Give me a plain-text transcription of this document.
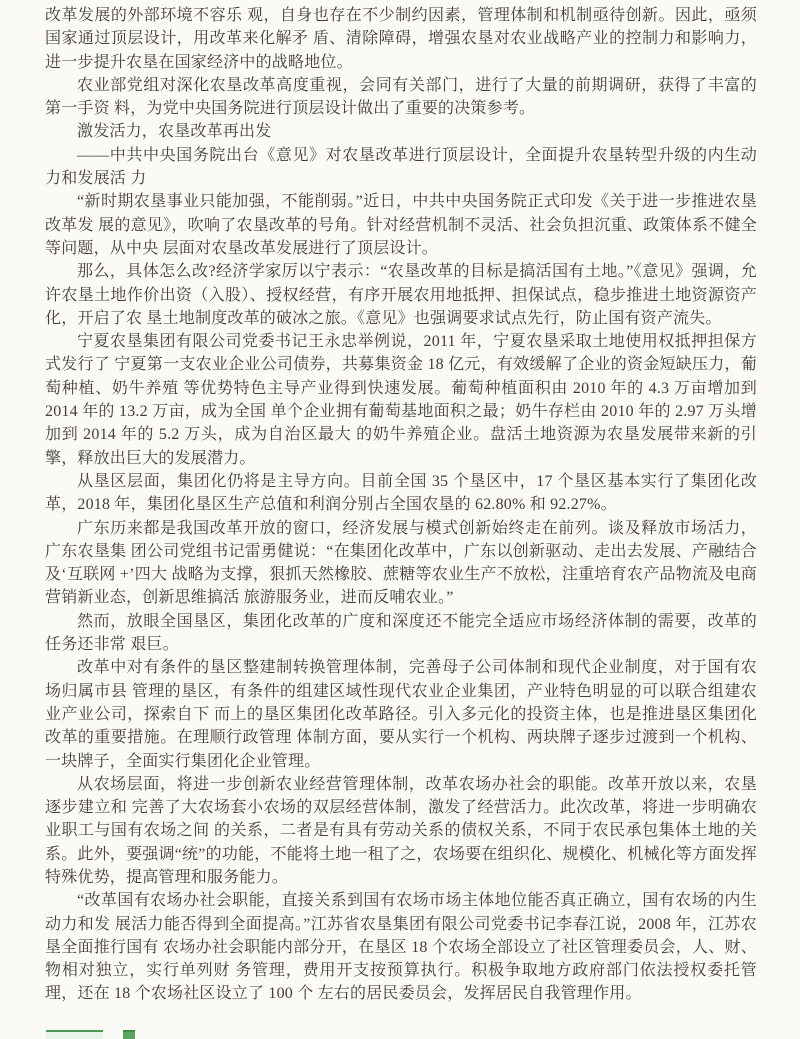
改革发展的外部环境不容乐 观，自身也存在不少制约因素，管理体制和机制亟待创新。因此，亟须国家通过顶层设计，用改革来化解矛 盾、清除障碍，增强农垦对农业战略产业的控制力和影响力，进一步提升农垦在国家经济中的战略地位。

农业部党组对深化农垦改革高度重视，会同有关部门，进行了大量的前期调研，获得了丰富的第一手资 料，为党中央国务院进行顶层设计做出了重要的决策参考。

激发活力，农垦改革再出发

——中共中央国务院出台《意见》对农垦改革进行顶层设计，全面提升农垦转型升级的内生动力和发展活 力

“新时期农垦事业只能加强，不能削弱。”近日，中共中央国务院正式印发《关于进一步推进农垦改革发 展的意见》，吹响了农垦改革的号角。针对经营机制不灵活、社会负担沉重、政策体系不健全等问题，从中央 层面对农垦改革发展进行了顶层设计。

那么，具体怎么改?经济学家厉以宁表示：“农垦改革的目标是搞活国有土地。”《意见》强调，允许农垦土地作价出资（入股）、授权经营，有序开展农用地抵押、担保试点，稳步推进土地资源资产化，开启了农 垦土地制度改革的破冰之旅。《意见》也强调要求试点先行，防止国有资产流失。

宁夏农垦集团有限公司党委书记王永忠举例说，2011 年，宁夏农垦采取土地使用权抵押担保方式发行了 宁夏第一支农业企业公司债券，共募集资金 18 亿元，有效缓解了企业的资金短缺压力，葡萄种植、奶牛养殖 等优势特色主导产业得到快速发展。葡萄种植面积由 2010 年的 4.3 万亩增加到 2014 年的 13.2 万亩，成为全国 单个企业拥有葡萄基地面积之最；奶牛存栏由 2010 年的 2.97 万头增加到 2014 年的 5.2 万头，成为自治区最大 的奶牛养殖企业。盘活土地资源为农垦发展带来新的引擎，释放出巨大的发展潜力。

从垦区层面，集团化仍将是主导方向。目前全国 35 个垦区中，17 个垦区基本实行了集团化改革，2018 年，集团化垦区生产总值和利润分别占全国农垦的 62.80% 和 92.27%。

广东历来都是我国改革开放的窗口，经济发展与模式创新始终走在前列。谈及释放市场活力，广东农垦集 团公司党组书记雷勇健说：“在集团化改革中，广东以创新驱动、走出去发展、产融结合及‘互联网 +’四大 战略为支撑，狠抓天然橡胶、蔗糖等农业生产不放松，注重培育农产品物流及电商营销新业态，创新思维搞活 旅游服务业，进而反哺农业。”

然而，放眼全国垦区，集团化改革的广度和深度还不能完全适应市场经济体制的需要，改革的任务还非常 艰巨。

改革中对有条件的垦区整建制转换管理体制，完善母子公司体制和现代企业制度，对于国有农场归属市县 管理的垦区，有条件的组建区域性现代农业企业集团，产业特色明显的可以联合组建农业产业公司，探索自下 而上的垦区集团化改革路径。引入多元化的投资主体，也是推进垦区集团化改革的重要措施。在理顺行政管理 体制方面，要从实行一个机构、两块牌子逐步过渡到一个机构、一块牌子，全面实行集团化企业管理。

从农场层面，将进一步创新农业经营管理体制，改革农场办社会的职能。改革开放以来，农垦逐步建立和 完善了大农场套小农场的双层经营体制，激发了经营活力。此次改革，将进一步明确农业职工与国有农场之间 的关系，二者是有具有劳动关系的债权关系，不同于农民承包集体土地的关系。此外，要强调“统”的功能，不能将土地一租了之，农场要在组织化、规模化、机械化等方面发挥特殊优势，提高管理和服务能力。

“改革国有农场办社会职能，直接关系到国有农场市场主体地位能否真正确立，国有农场的内生动力和发 展活力能否得到全面提高。”江苏省农垦集团有限公司党委书记李春江说，2008 年，江苏农垦全面推行国有 农场办社会职能内部分开，在垦区 18 个农场全部设立了社区管理委员会，人、财、物相对独立，实行单列财 务管理，费用开支按预算执行。积极争取地方政府部门依法授权委托管理，还在 18 个农场社区设立了 100 个 左右的居民委员会，发挥居民自我管理作用。
